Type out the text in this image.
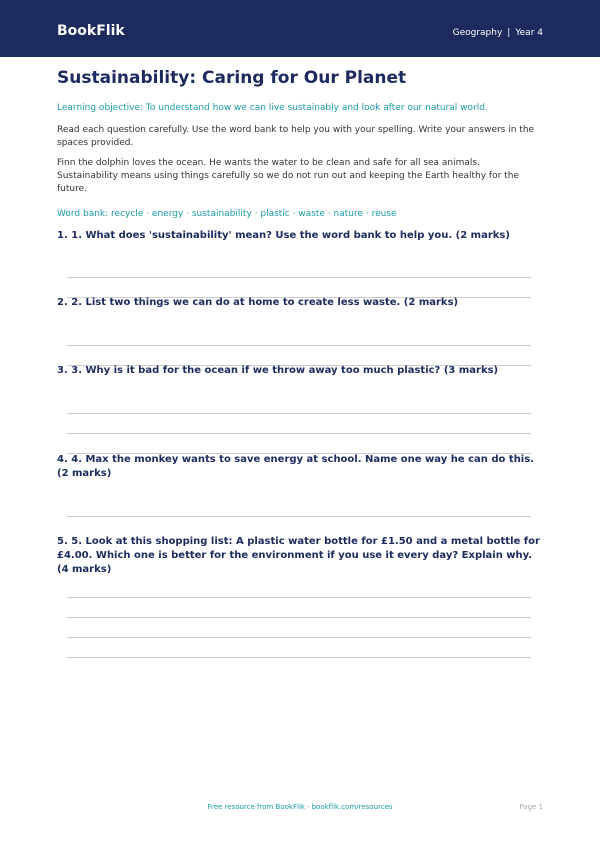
BookFlik	Geography | Year 4
Sustainability: Caring for Our Planet

Learning objective: To understand how we can live sustainably and look after our natural world.

Read each question carefully. Use the word bank to help you with your spelling. Write your answers in the spaces provided.

Finn the dolphin loves the ocean. He wants the water to be clean and safe for all sea animals. Sustainability means using things carefully so we do not run out and keeping the Earth healthy for the future.

Word bank: recycle · energy · sustainability · plastic · waste · nature · reuse

1. 1. What does 'sustainability' mean? Use the word bank to help you. (2 marks)
2. 2. List two things we can do at home to create less waste. (2 marks)
3. 3. Why is it bad for the ocean if we throw away too much plastic? (3 marks)
4. 4. Max the monkey wants to save energy at school. Name one way he can do this. (2 marks)
5. 5. Look at this shopping list: A plastic water bottle for £1.50 and a metal bottle for £4.00. Which one is better for the environment if you use it every day? Explain why. (4 marks)
Free resource from BookFlik · bookflik.com/resources	Page 1
